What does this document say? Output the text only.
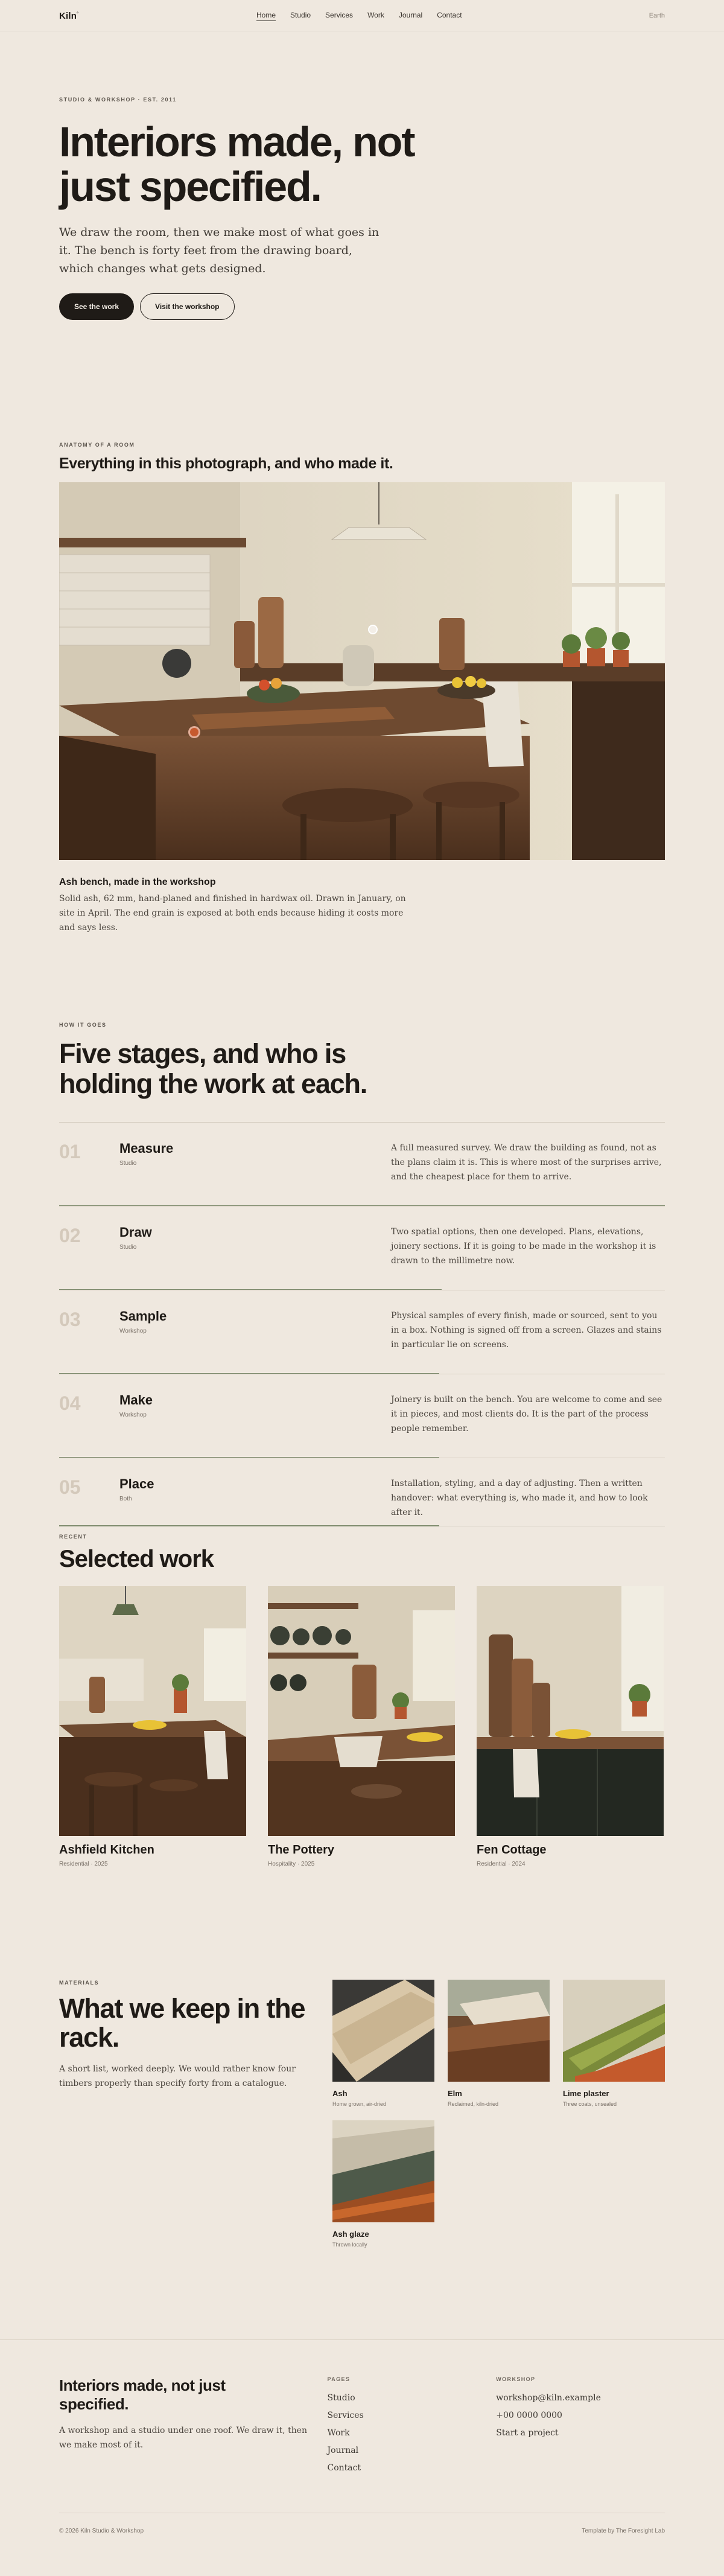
Kiln°	Home Studio Services Work Journal Contact	Earth
STUDIO & WORKSHOP · EST. 2011
Interiors made, not just specified.

We draw the room, then we make most of what goes in it. The bench is forty feet from the drawing board, which changes what gets designed.

See the work	Visit the workshop
ANATOMY OF A ROOM
Everything in this photograph, and who made it.
Ash bench, made in the workshop

Solid ash, 62 mm, hand-planed and finished in hardwax oil. Drawn in January, on site in April. The end grain is exposed at both ends because hiding it costs more and says less.

HOW IT GOES
Five stages, and who is holding the work at each.
01	Measure
Studio
A full measured survey. We draw the building as found, not as the plans claim it is. This is where most of the surprises arrive, and the cheapest place for them to arrive.
02	Draw
Studio
Two spatial options, then one developed. Plans, elevations, joinery sections. If it is going to be made in the workshop it is drawn to the millimetre now.
03	Sample
Workshop
Physical samples of every finish, made or sourced, sent to you in a box. Nothing is signed off from a screen. Glazes and stains in particular lie on screens.
04	Make
Workshop
Joinery is built on the bench. You are welcome to come and see it in pieces, and most clients do. It is the part of the process people remember.
05	Place
Both
Installation, styling, and a day of adjusting. Then a written handover: what everything is, who made it, and how to look after it.
RECENT
Selected work
Ashfield Kitchen
Residential · 2025
The Pottery
Hospitality · 2025
Fen Cottage
Residential · 2024
MATERIALS
What we keep in the rack.

A short list, worked deeply. We would rather know four timbers properly than specify forty from a catalogue.

Ash
Home grown, air-dried
Elm
Reclaimed, kiln-dried
Lime plaster
Three coats, unsealed
Ash glaze
Thrown locally
Interiors made, not just specified.

A workshop and a studio under one roof. We draw it, then we make most of it.

PAGES
Studio
Services
Work
Journal
Contact
WORKSHOP
workshop@kiln.example
+00 0000 0000
Start a project
© 2026 Kiln Studio & Workshop	Template by The Foresight Lab
